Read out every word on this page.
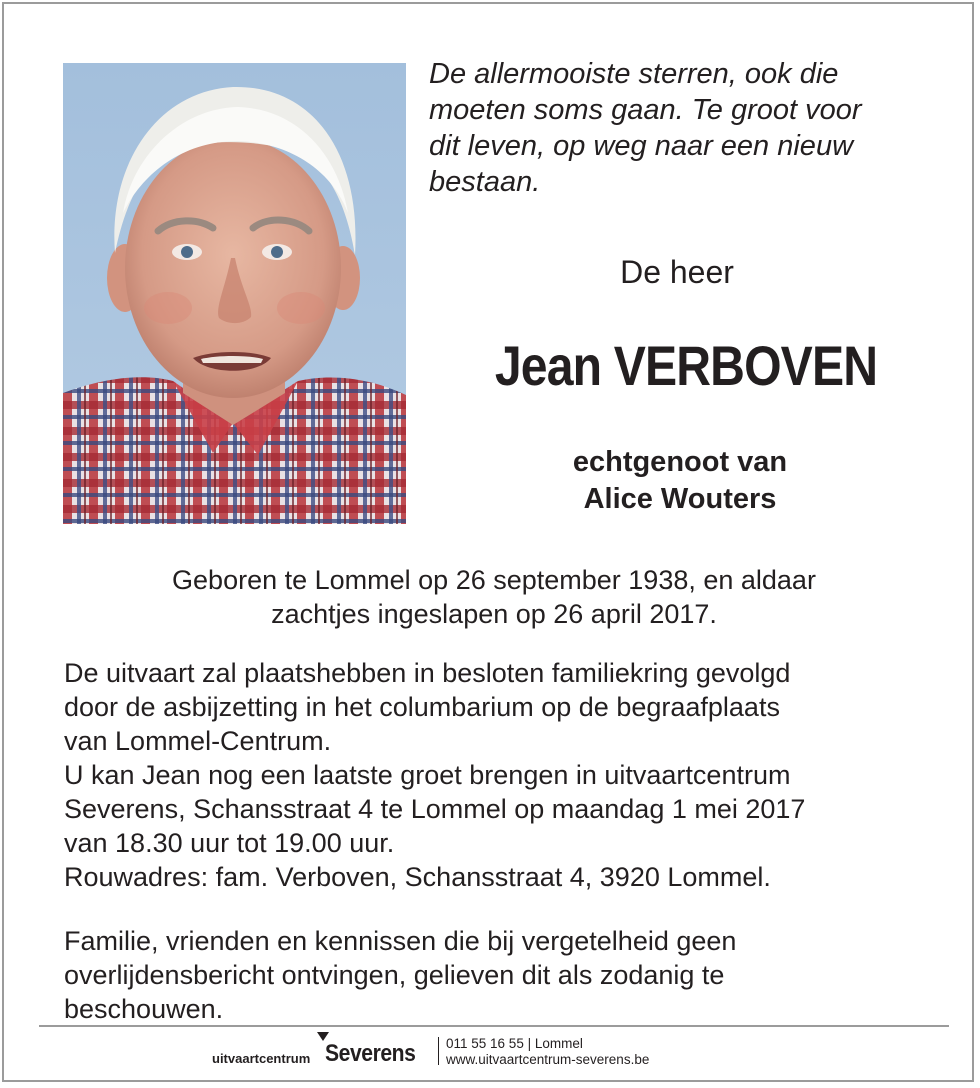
De allermooiste sterren, ook die
moeten soms gaan. Te groot voor
dit leven, op weg naar een nieuw
bestaan.
De heer
Jean VERBOVEN
echtgenoot van
Alice Wouters
Geboren te Lommel op 26 september 1938, en aldaar
zachtjes ingeslapen op 26 april 2017.
De uitvaart zal plaatshebben in besloten familiekring gevolgd
door de asbijzetting in het columbarium op de begraafplaats
van Lommel-Centrum.
U kan Jean nog een laatste groet brengen in uitvaartcentrum
Severens, Schansstraat 4 te Lommel op maandag 1 mei 2017
van 18.30 uur tot 19.00 uur.
Rouwadres: fam. Verboven, Schansstraat 4, 3920 Lommel.
Familie, vrienden en kennissen die bij vergetelheid geen
overlijdensbericht ontvingen, gelieven dit als zodanig te
beschouwen.
uitvaartcentrum Severens 011 55 16 55 | Lommel
www.uitvaartcentrum-severens.be
